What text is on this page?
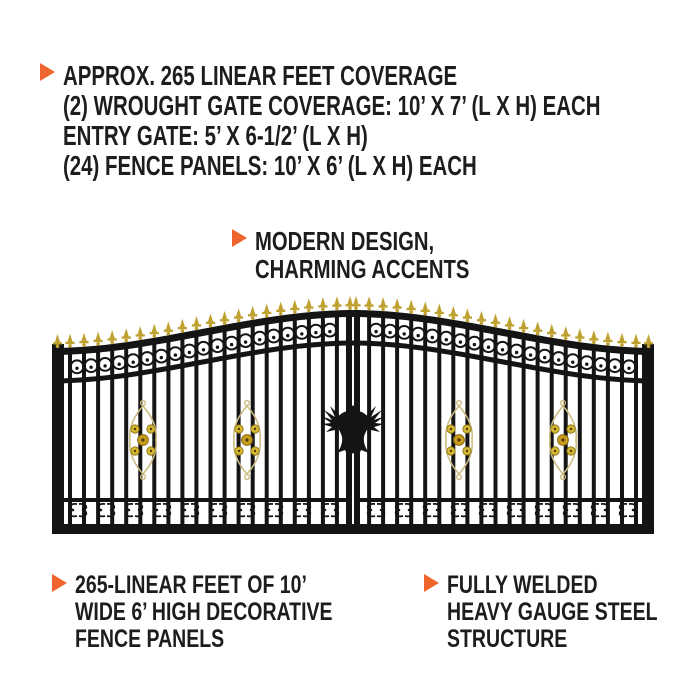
APPROX. 265 LINEAR FEET COVERAGE
(2) WROUGHT GATE COVERAGE: 10’ X 7’ (L X H) EACH
ENTRY GATE: 5’ X 6-1/2’ (L X H)
(24) FENCE PANELS: 10’ X 6’ (L X H) EACH
MODERN DESIGN,
CHARMING ACCENTS
265-LINEAR FEET OF 10’
WIDE 6’ HIGH DECORATIVE
FENCE PANELS
FULLY WELDED
HEAVY GAUGE STEEL
STRUCTURE
